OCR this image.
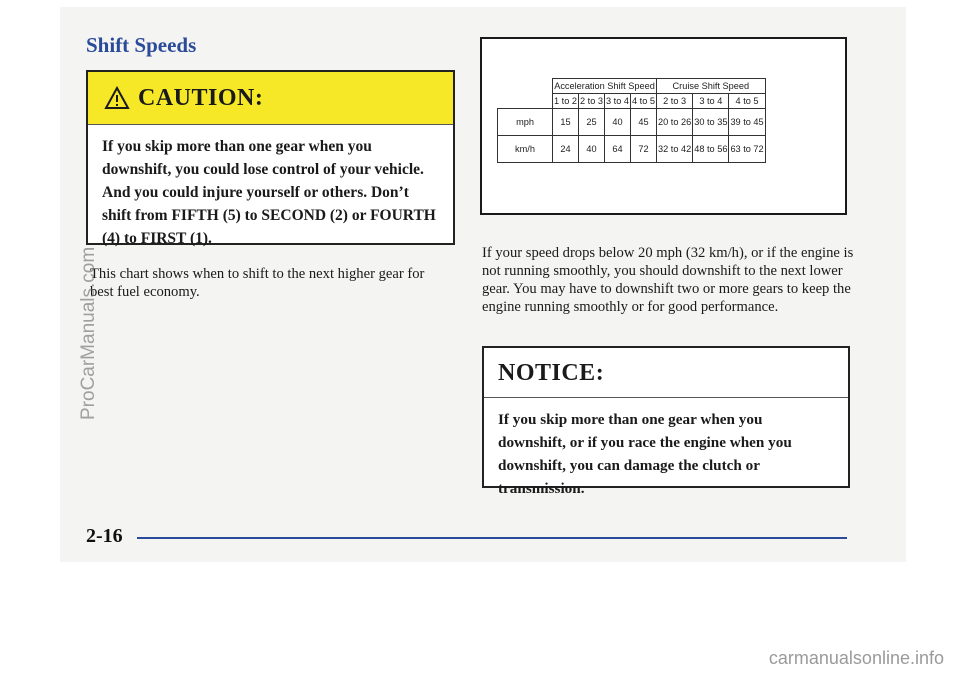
Shift Speeds
CAUTION:
If you skip more than one gear when you downshift, you could lose control of your vehicle. And you could injure yourself or others. Don’t shift from FIFTH (5) to SECOND (2) or FOURTH (4) to FIRST (1).
This chart shows when to shift to the next higher gear for best fuel economy.
	Acceleration Shift Speed				Cruise Shift Speed		
	1 to 2	2 to 3	3 to 4	4 to 5	2 to 3	3 to 4	4 to 5
mph	15	25	40	45	20 to 26	30 to 35	39 to 45
km/h	24	40	64	72	32 to 42	48 to 56	63 to 72
If your speed drops below 20 mph (32 km/h), or if the engine is not running smoothly, you should downshift to the next lower gear. You may have to downshift two or more gears to keep the engine running smoothly or for good performance.
NOTICE:
If you skip more than one gear when you downshift, or if you race the engine when you downshift, you can damage the clutch or transmission.
2-16
ProCarManuals.com
carmanualsonline.info
